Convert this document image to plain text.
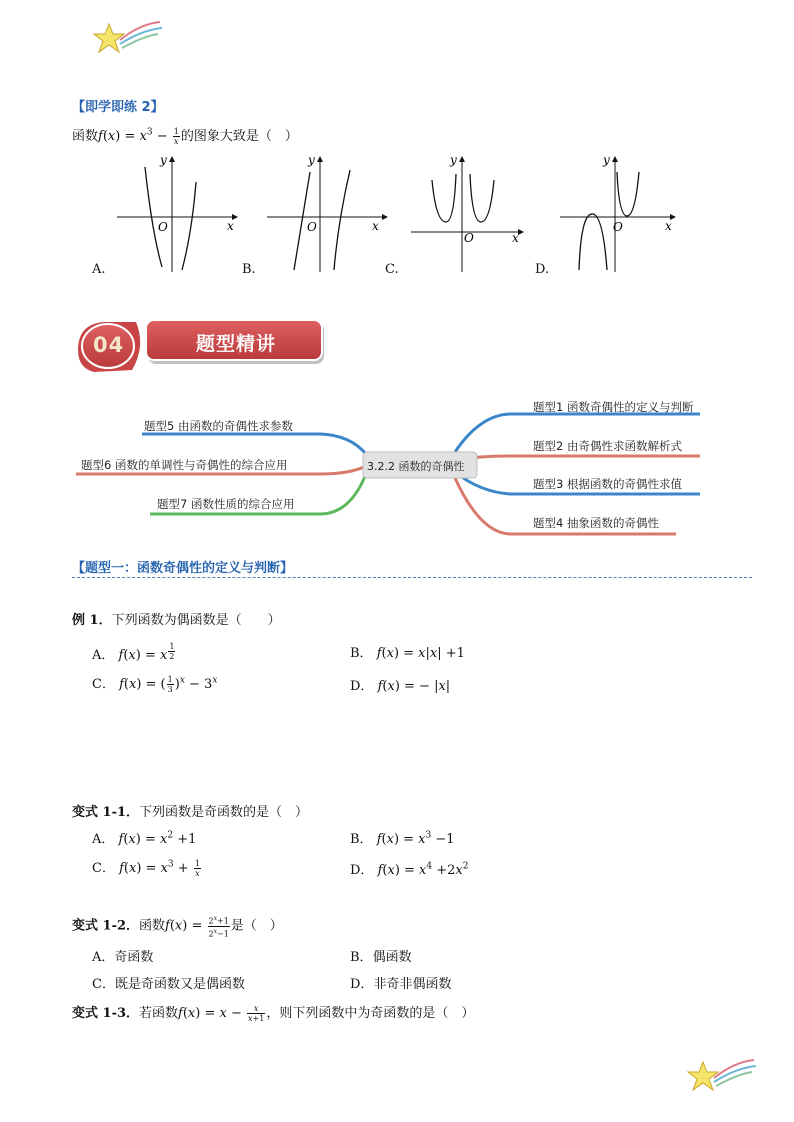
【即学即练 2】
函数$f(x) = x^3 - \frac{1}{x}$ 的图象大致是（　）
y
x
O
y
x
O
y
x
O
y
x
O
A.	B.	C.	D.
04	题型精讲
3.2.2 函数的奇偶性
题型1 函数奇偶性的定义与判断
题型2 由奇偶性求函数解析式
题型3 根据函数的奇偶性求值
题型4 抽象函数的奇偶性
题型5 由函数的奇偶性求参数
题型6 函数的单调性与奇偶性的综合应用
题型7 函数性质的综合应用
【题型一：函数奇偶性的定义与判断】
例 1．下列函数为偶函数是（　　）
A． f(x) = x $^{\frac{1}{2}}$	B． f(x) = x|x| +1
C． f(x) = ( $\frac{1}{3} )^x - 3^x$	D． f(x) = − |x|
变式 1-1．下列函数是奇函数的是（　）
A． $f(x) = x^2 +1$	B． $f(x) = x^3 -1$
C． $f(x) = x^3 + \frac{1}{x}$	D． $f(x) = x^4 +2x^2$
变式 1-2．函数$f(x) = \frac{2^x+1}{2^x-1}$ 是（　）
A．奇函数	B．偶函数
C．既是奇函数又是偶函数	D．非奇非偶函数
变式 1-3．若函数$f(x) = x - \frac{x}{x+1}$ ，则下列函数中为奇函数的是（　）
